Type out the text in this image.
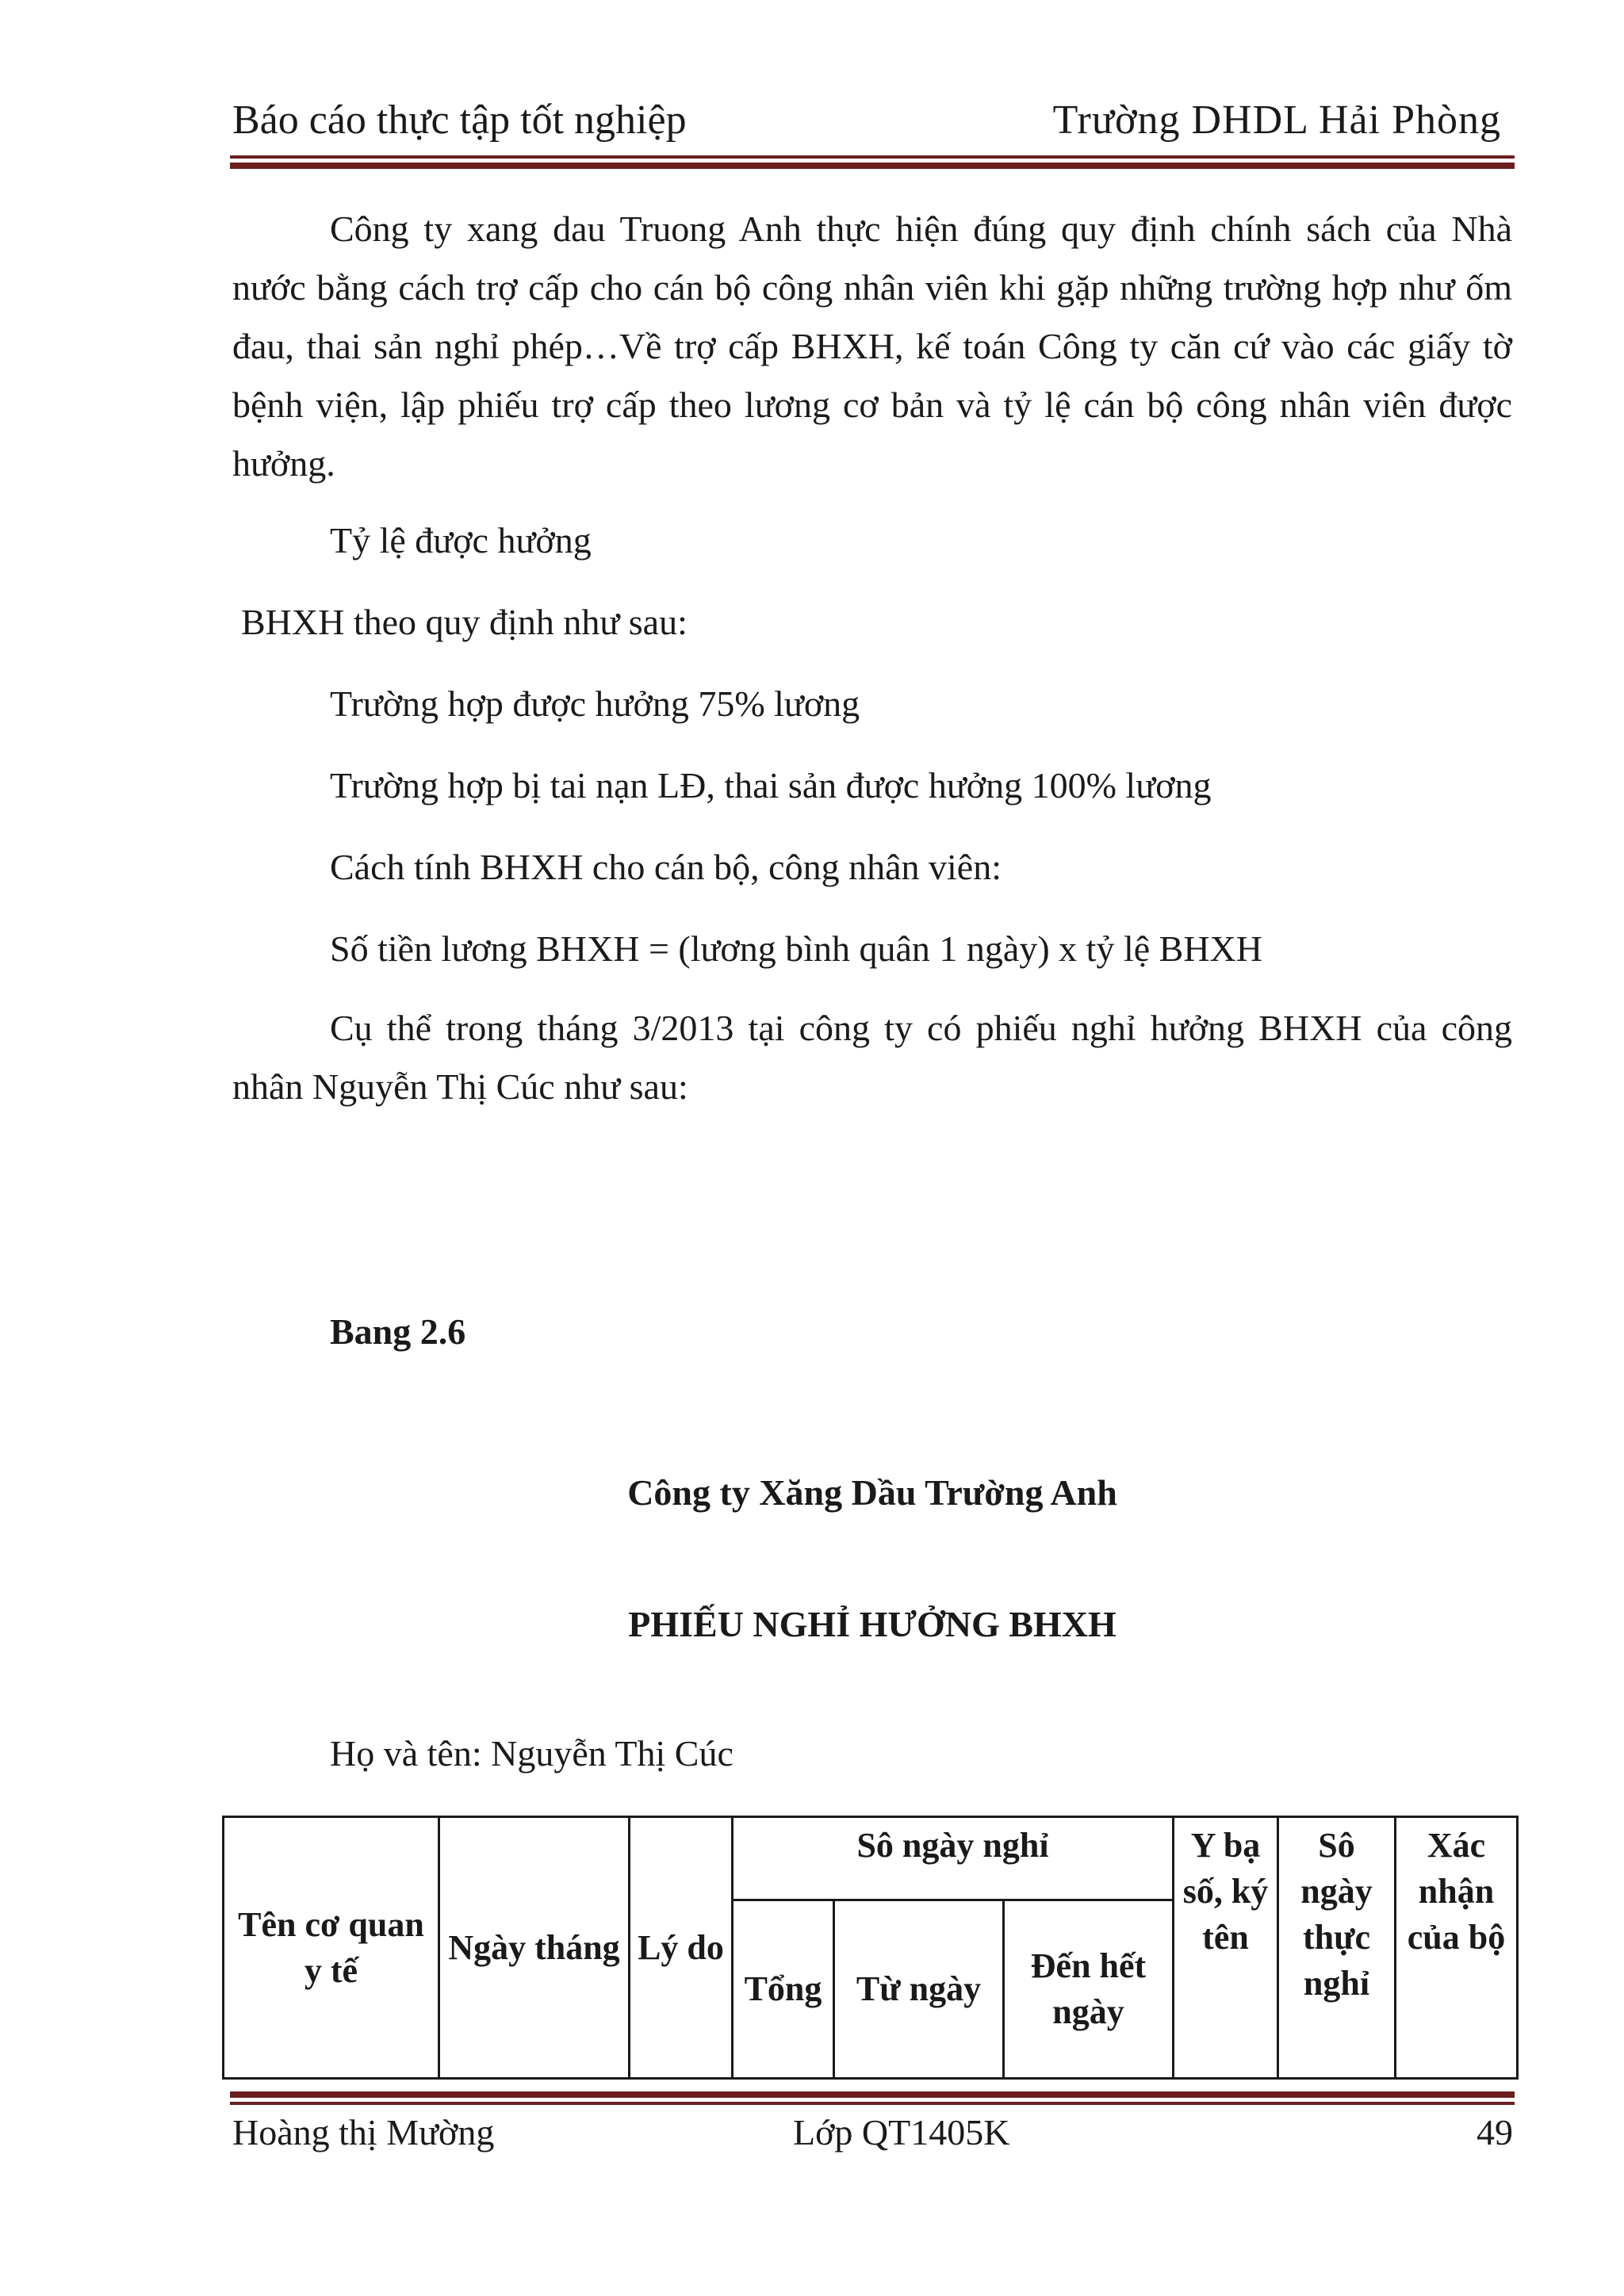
Báo cáo thực tập tốt nghiệp	Trường DHDL Hải Phòng

Công ty xang dau Truong Anh thực hiện đúng quy định chính sách của Nhà nước bằng cách trợ cấp cho cán bộ công nhân viên khi gặp những trường hợp như ốm đau, thai sản nghỉ phép…Về trợ cấp BHXH, kế toán Công ty căn cứ vào các giấy tờ bệnh viện, lập phiếu trợ cấp theo lương cơ bản và tỷ lệ cán bộ công nhân viên được hưởng.

Tỷ lệ được hưởng

BHXH theo quy định như sau:

Trường hợp được hưởng 75% lương

Trường hợp bị tai nạn LĐ, thai sản được hưởng 100% lương

Cách tính BHXH cho cán bộ, công nhân viên:

Số tiền lương BHXH = (lương bình quân 1 ngày) x tỷ lệ BHXH

Cụ thể trong tháng 3/2013 tại công ty có phiếu nghỉ hưởng BHXH của công nhân Nguyễn Thị Cúc như sau:

Bang 2.6

Công ty Xăng Dầu Trường Anh
PHIẾU NGHỈ HƯỞNG BHXH

Họ và tên: Nguyễn Thị Cúc

Tên cơ quan y tế	Ngày tháng	Lý do	Sô ngày nghỉ			Y bạ số, ký tên	Sô ngày thực nghỉ	Xác nhận của bộ
			Tổng	Từ ngày	Đến hết ngày			
Hoàng thị Mường	Lớp QT1405K	49
